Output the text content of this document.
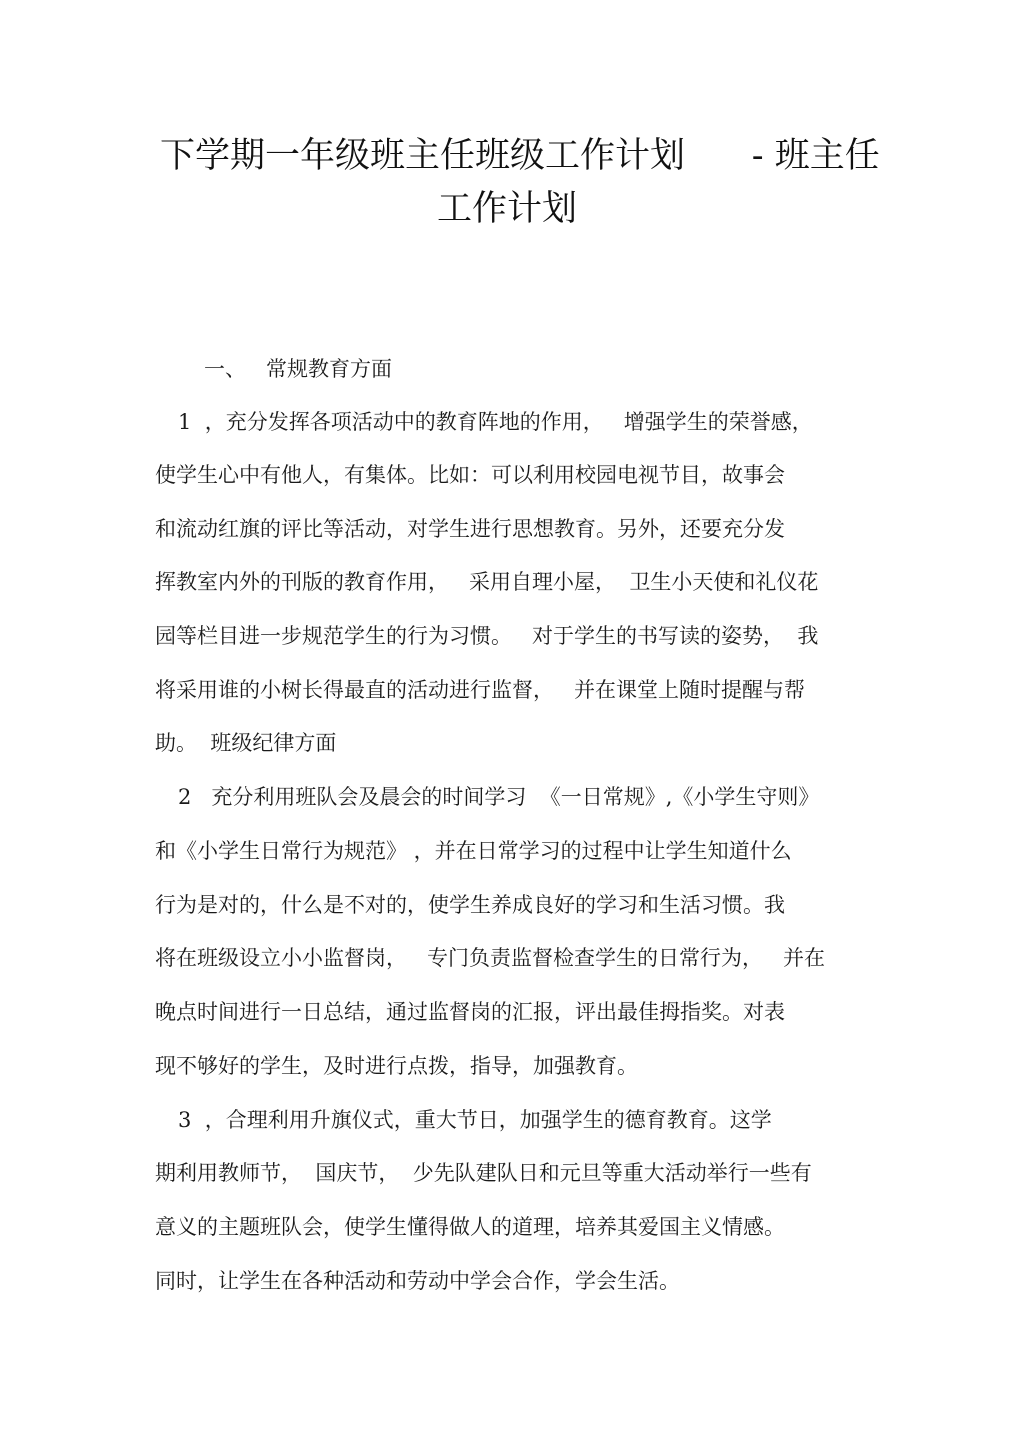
下学期一年级班主任班级工作计划      - 班主任
工作计划
一、   常规教育方面
1  ，充分发挥各项活动中的教育阵地的作用，   增强学生的荣誉感，
使学生心中有他人，有集体。比如：可以利用校园电视节目，故事会
和流动红旗的评比等活动，对学生进行思想教育。另外，还要充分发
挥教室内外的刊版的教育作用，   采用自理小屋，  卫生小天使和礼仪花
园等栏目进一步规范学生的行为习惯。   对于学生的书写读的姿势，  我
将采用谁的小树长得最直的活动进行监督，   并在课堂上随时提醒与帮
助。  班级纪律方面
2   充分利用班队会及晨会的时间学习  《一日常规》,《小学生守则》
和《小学生日常行为规范》 ，并在日常学习的过程中让学生知道什么
行为是对的，什么是不对的，使学生养成良好的学习和生活习惯。我
将在班级设立小小监督岗，   专门负责监督检查学生的日常行为，   并在
晚点时间进行一日总结，通过监督岗的汇报，评出最佳拇指奖。对表
现不够好的学生，及时进行点拨，指导，加强教育。
3  ，合理利用升旗仪式，重大节日，加强学生的德育教育。这学
期利用教师节，  国庆节，  少先队建队日和元旦等重大活动举行一些有
意义的主题班队会，使学生懂得做人的道理，培养其爱国主义情感。
同时，让学生在各种活动和劳动中学会合作，学会生活。
